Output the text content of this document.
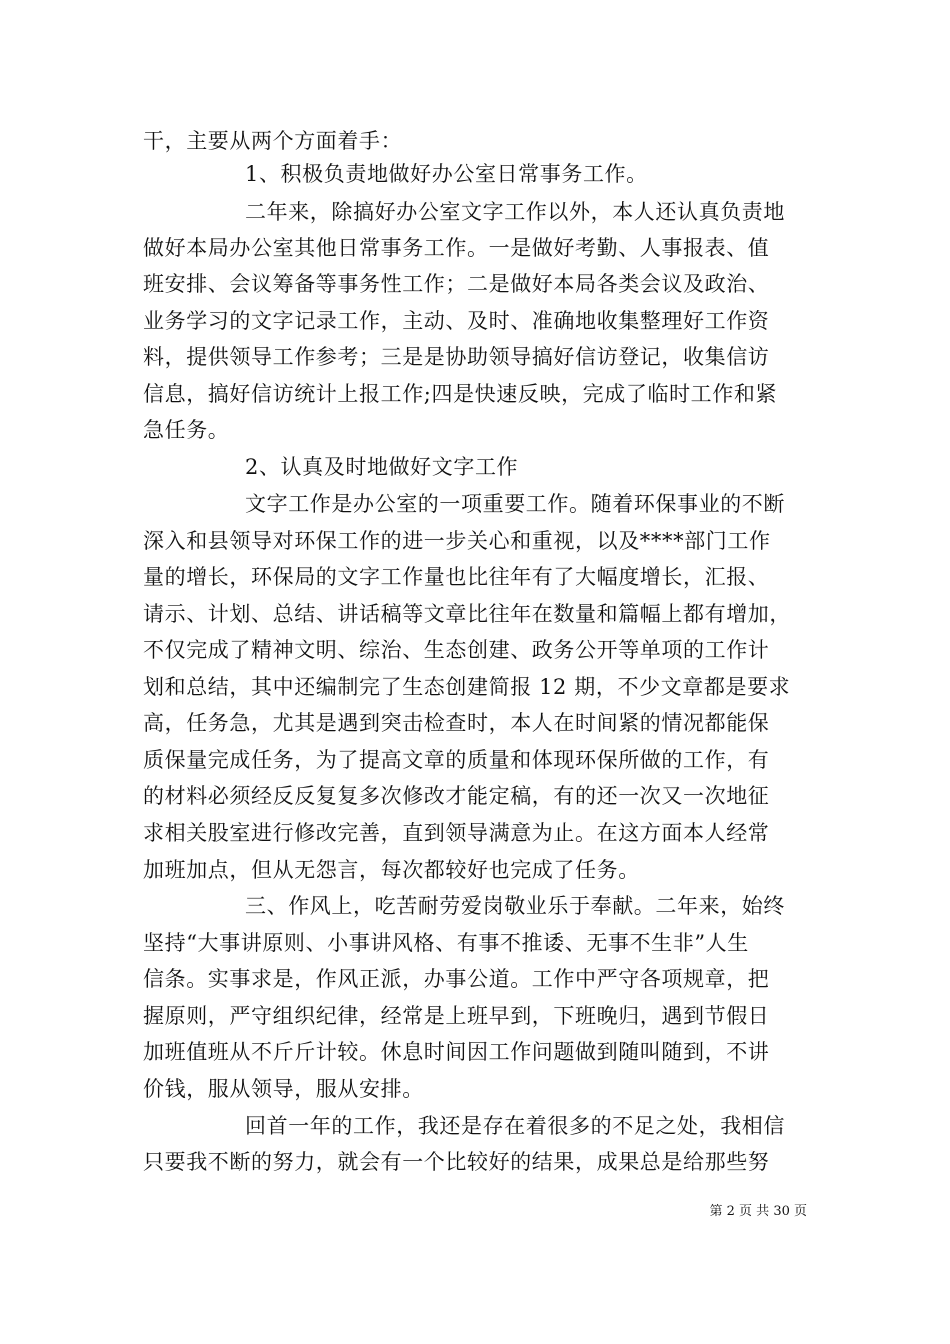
干，主要从两个方面着手：
1、积极负责地做好办公室日常事务工作。
二年来，除搞好办公室文字工作以外，本人还认真负责地
做好本局办公室其他日常事务工作。一是做好考勤、人事报表、值
班安排、会议筹备等事务性工作；二是做好本局各类会议及政治、
业务学习的文字记录工作，主动、及时、准确地收集整理好工作资
料，提供领导工作参考；三是是协助领导搞好信访登记，收集信访
信息，搞好信访统计上报工作;四是快速反映，完成了临时工作和紧
急任务。
2、认真及时地做好文字工作
文字工作是办公室的一项重要工作。随着环保事业的不断
深入和县领导对环保工作的进一步关心和重视，以及****部门工作
量的增长，环保局的文字工作量也比往年有了大幅度增长，汇报、
请示、计划、总结、讲话稿等文章比往年在数量和篇幅上都有增加，
不仅完成了精神文明、综治、生态创建、政务公开等单项的工作计
划和总结，其中还编制完了生态创建简报 12 期，不少文章都是要求
高，任务急，尤其是遇到突击检查时，本人在时间紧的情况都能保
质保量完成任务，为了提高文章的质量和体现环保所做的工作，有
的材料必须经反反复复多次修改才能定稿，有的还一次又一次地征
求相关股室进行修改完善，直到领导满意为止。在这方面本人经常
加班加点，但从无怨言，每次都较好也完成了任务。
三、作风上，吃苦耐劳爱岗敬业乐于奉献。二年来，始终
坚持“大事讲原则、小事讲风格、有事不推诿、无事不生非”人生
信条。实事求是，作风正派，办事公道。工作中严守各项规章，把
握原则，严守组织纪律，经常是上班早到，下班晚归，遇到节假日
加班值班从不斤斤计较。休息时间因工作问题做到随叫随到，不讲
价钱，服从领导，服从安排。
回首一年的工作，我还是存在着很多的不足之处，我相信
只要我不断的努力，就会有一个比较好的结果，成果总是给那些努
第 2 页 共 30 页
